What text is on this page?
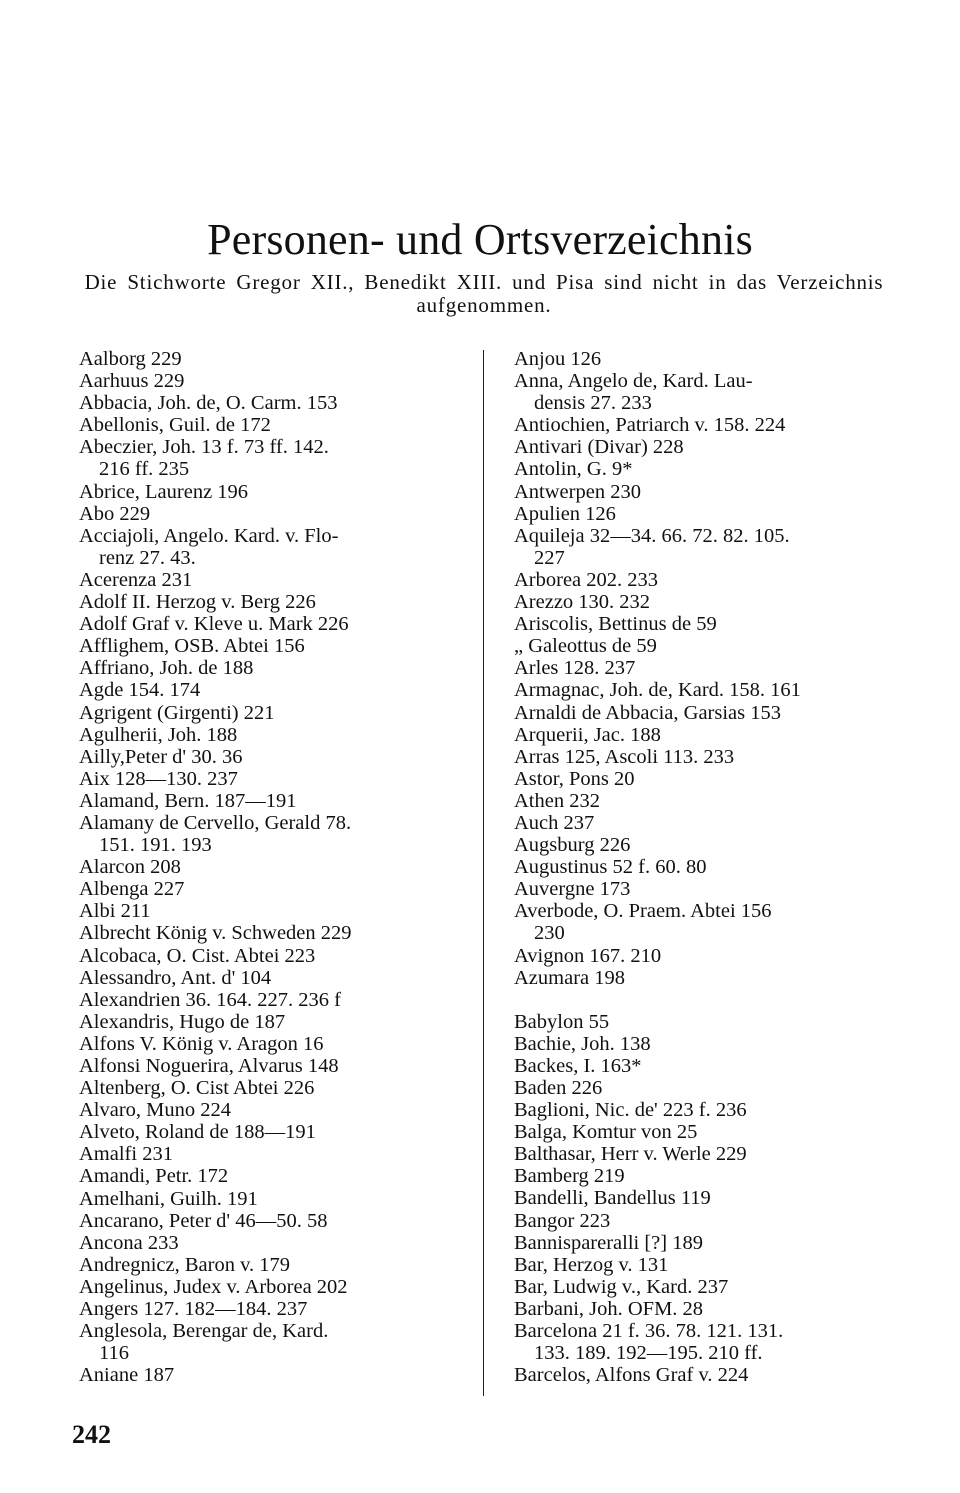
Personen- und Ortsverzeichnis

Die Stichworte Gregor XII., Benedikt XIII. und Pisa sind nicht in das Verzeichnis aufgenommen.

Aalborg 229
Aarhuus 229
Abbacia, Joh. de, O. Carm. 153
Abellonis, Guil. de 172
Abeczier, Joh. 13 f. 73 ff. 142.
216 ff. 235
Abrice, Laurenz 196
Abo 229
Acciajoli, Angelo. Kard. v. Flo-
renz 27. 43.
Acerenza 231
Adolf II. Herzog v. Berg 226
Adolf Graf v. Kleve u. Mark 226
Afflighem, OSB. Abtei 156
Affriano, Joh. de 188
Agde 154. 174
Agrigent (Girgenti) 221
Agulherii, Joh. 188
Ailly,Peter d' 30. 36
Aix 128—130. 237
Alamand, Bern. 187—191
Alamany de Cervello, Gerald 78.
151. 191. 193
Alarcon 208
Albenga 227
Albi 211
Albrecht König v. Schweden 229
Alcobaca, O. Cist. Abtei 223
Alessandro, Ant. d' 104
Alexandrien 36. 164. 227. 236 f
Alexandris, Hugo de 187
Alfons V. König v. Aragon 16
Alfonsi Noguerira, Alvarus 148
Altenberg, O. Cist Abtei 226
Alvaro, Muno 224
Alveto, Roland de 188—191
Amalfi 231
Amandi, Petr. 172
Amelhani, Guilh. 191
Ancarano, Peter d' 46—50. 58
Ancona 233
Andregnicz, Baron v. 179
Angelinus, Judex v. Arborea 202
Angers 127. 182—184. 237
Anglesola, Berengar de, Kard.
116
Aniane 187
Anjou 126
Anna, Angelo de, Kard. Lau-
densis 27. 233
Antiochien, Patriarch v. 158. 224
Antivari (Divar) 228
Antolin, G. 9*
Antwerpen 230
Apulien 126
Aquileja 32—34. 66. 72. 82. 105.
227
Arborea 202. 233
Arezzo 130. 232
Ariscolis, Bettinus de 59
„ Galeottus de 59
Arles 128. 237
Armagnac, Joh. de, Kard. 158. 161
Arnaldi de Abbacia, Garsias 153
Arquerii, Jac. 188
Arras 125, Ascoli 113. 233
Astor, Pons 20
Athen 232
Auch 237
Augsburg 226
Augustinus 52 f. 60. 80
Auvergne 173
Averbode, O. Praem. Abtei 156
230
Avignon 167. 210
Azumara 198
Babylon 55
Bachie, Joh. 138
Backes, I. 163*
Baden 226
Baglioni, Nic. de' 223 f. 236
Balga, Komtur von 25
Balthasar, Herr v. Werle 229
Bamberg 219
Bandelli, Bandellus 119
Bangor 223
Bannispareralli [?] 189
Bar, Herzog v. 131
Bar, Ludwig v., Kard. 237
Barbani, Joh. OFM. 28
Barcelona 21 f. 36. 78. 121. 131.
133. 189. 192—195. 210 ff.
Barcelos, Alfons Graf v. 224

242
